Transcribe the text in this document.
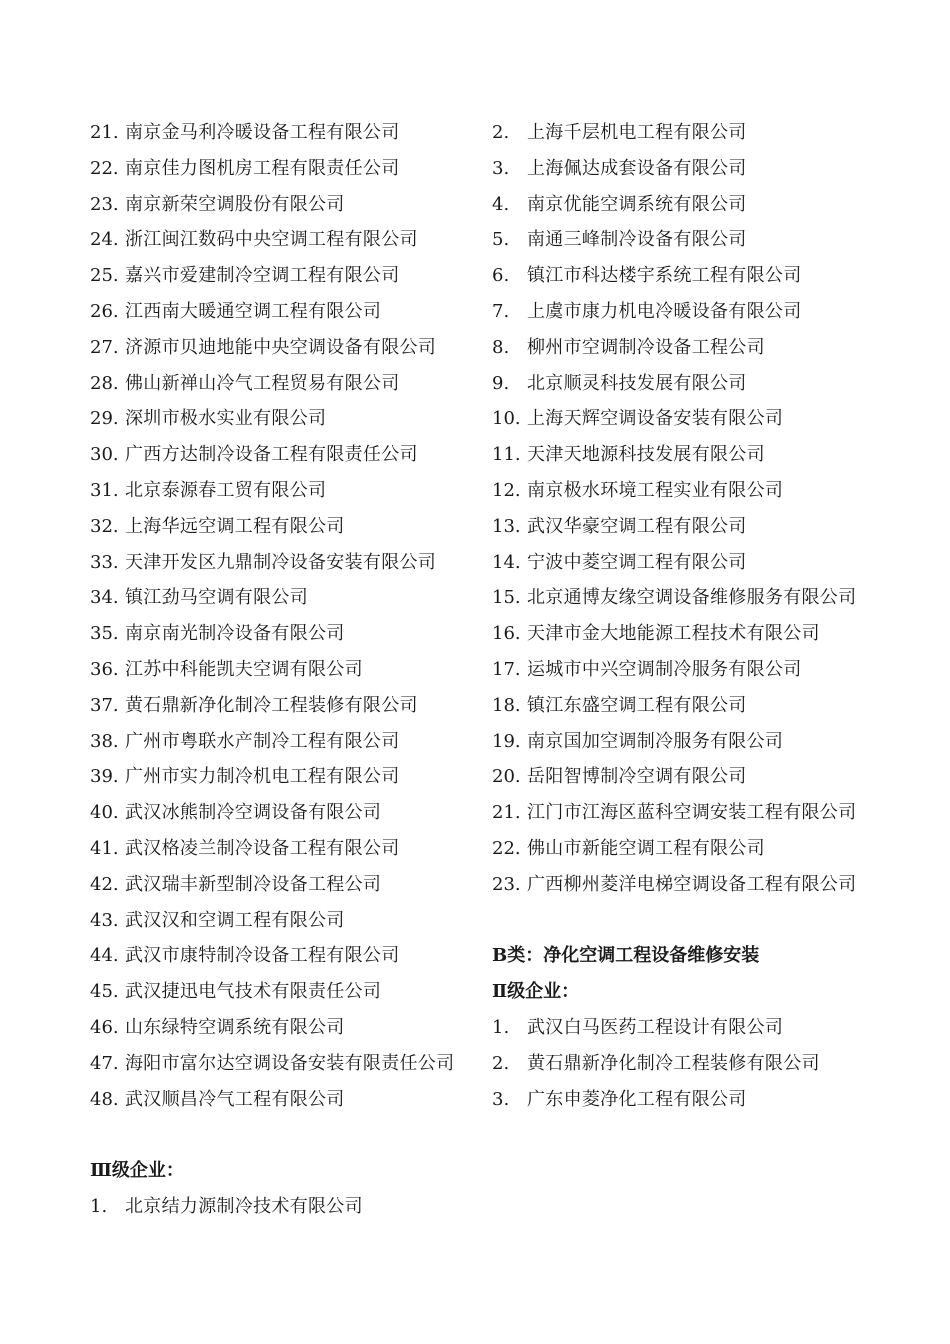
21. 南京金马利冷暖设备工程有限公司
22. 南京佳力图机房工程有限责任公司
23. 南京新荣空调股份有限公司
24. 浙江闽江数码中央空调工程有限公司
25. 嘉兴市爱建制冷空调工程有限公司
26. 江西南大暖通空调工程有限公司
27. 济源市贝迪地能中央空调设备有限公司
28. 佛山新禅山冷气工程贸易有限公司
29. 深圳市极水实业有限公司
30. 广西方达制冷设备工程有限责任公司
31. 北京泰源春工贸有限公司
32. 上海华远空调工程有限公司
33. 天津开发区九鼎制冷设备安装有限公司
34. 镇江劲马空调有限公司
35. 南京南光制冷设备有限公司
36. 江苏中科能凯夫空调有限公司
37. 黄石鼎新净化制冷工程装修有限公司
38. 广州市粤联水产制冷工程有限公司
39. 广州市实力制冷机电工程有限公司
40. 武汉冰熊制冷空调设备有限公司
41. 武汉格凌兰制冷设备工程有限公司
42. 武汉瑞丰新型制冷设备工程公司
43. 武汉汉和空调工程有限公司
44. 武汉市康特制冷设备工程有限公司
45. 武汉捷迅电气技术有限责任公司
46. 山东绿特空调系统有限公司
47. 海阳市富尔达空调设备安装有限责任公司
48. 武汉顺昌冷气工程有限公司
Ⅲ级企业：
1. 北京结力源制冷技术有限公司
2. 上海千层机电工程有限公司
3. 上海佩达成套设备有限公司
4. 南京优能空调系统有限公司
5. 南通三峰制冷设备有限公司
6. 镇江市科达楼宇系统工程有限公司
7. 上虞市康力机电冷暖设备有限公司
8. 柳州市空调制冷设备工程公司
9. 北京顺灵科技发展有限公司
10. 上海天辉空调设备安装有限公司
11. 天津天地源科技发展有限公司
12. 南京极水环境工程实业有限公司
13. 武汉华豪空调工程有限公司
14. 宁波中菱空调工程有限公司
15. 北京通博友缘空调设备维修服务有限公司
16. 天津市金大地能源工程技术有限公司
17. 运城市中兴空调制冷服务有限公司
18. 镇江东盛空调工程有限公司
19. 南京国加空调制冷服务有限公司
20. 岳阳智博制冷空调有限公司
21. 江门市江海区蓝科空调安装工程有限公司
22. 佛山市新能空调工程有限公司
23. 广西柳州菱洋电梯空调设备工程有限公司
B类：净化空调工程设备维修安装
Ⅱ级企业：
1. 武汉白马医药工程设计有限公司
2. 黄石鼎新净化制冷工程装修有限公司
3. 广东申菱净化工程有限公司
